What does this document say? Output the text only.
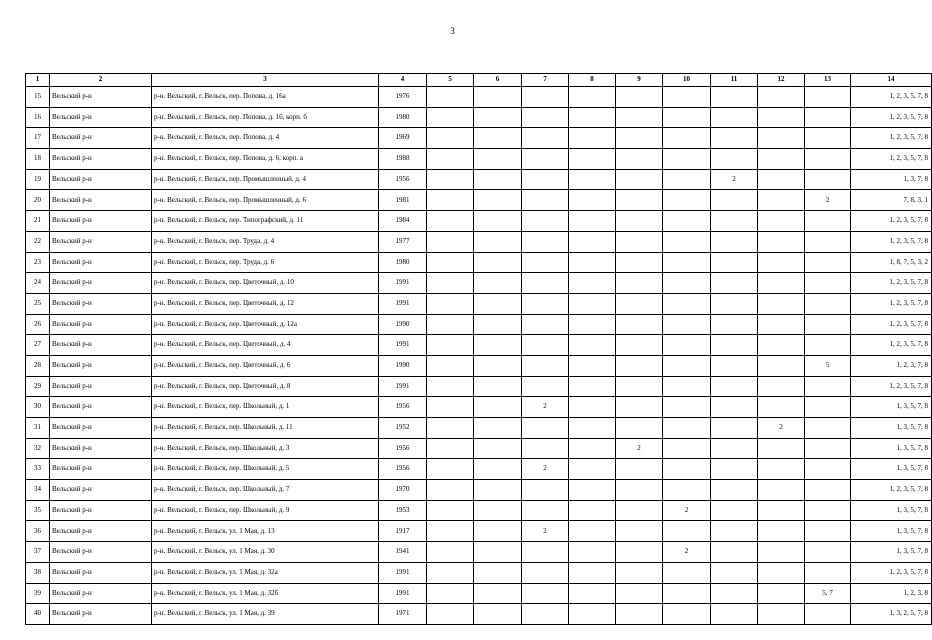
3
1	2	3	4	5	6	7	8	9	10	11	12	13	14
15	Вельский р-н	р-н. Вельский, г. Вельск, пер. Попова, д. 16а	1976										1, 2, 3, 5, 7, 8
16	Вельский р-н	р-н. Вельский, г. Вельск, пер. Попова, д. 16, корп. б	1980										1, 2, 3, 5, 7, 8
17	Вельский р-н	р-н. Вельский, г. Вельск, пер. Попова, д. 4	1969										1, 2, 3, 5, 7, 8
18	Вельский р-н	р-н. Вельский, г. Вельск, пер. Попова, д. 6, корп. а	1988										1, 2, 3, 5, 7, 8
19	Вельский р-н	р-н. Вельский, г. Вельск, пер. Промышленный, д. 4	1956							2			1, 3, 7, 8
20	Вельский р-н	р-н. Вельский, г. Вельск, пер. Промышленный, д. 6	1981									2	7, 8, 3, 1
21	Вельский р-н	р-н. Вельский, г. Вельск, пер. Типографский, д. 11	1984										1, 2, 3, 5, 7, 8
22	Вельский р-н	р-н. Вельский, г. Вельск, пер. Труда, д. 4	1977										1, 2, 3, 5, 7, 8
23	Вельский р-н	р-н. Вельский, г. Вельск, пер. Труда, д. 6	1980										1, 8, 7, 5, 3, 2
24	Вельский р-н	р-н. Вельский, г. Вельск, пер. Цветочный, д. 10	1991										1, 2, 3, 5, 7, 8
25	Вельский р-н	р-н. Вельский, г. Вельск, пер. Цветочный, д. 12	1991										1, 2, 3, 5, 7, 8
26	Вельский р-н	р-н. Вельский, г. Вельск, пер. Цветочный, д. 12а	1990										1, 2, 3, 5, 7, 8
27	Вельский р-н	р-н. Вельский, г. Вельск, пер. Цветочный, д. 4	1991										1, 2, 3, 5, 7, 8
28	Вельский р-н	р-н. Вельский, г. Вельск, пер. Цветочный, д. 6	1990									5	1, 2, 3, 7, 8
29	Вельский р-н	р-н. Вельский, г. Вельск, пер. Цветочный, д. 8	1991										1, 2, 3, 5, 7, 8
30	Вельский р-н	р-н. Вельский, г. Вельск, пер. Школьный, д. 1	1956			2							1, 3, 5, 7, 8
31	Вельский р-н	р-н. Вельский, г. Вельск, пер. Школьный, д. 11	1952								2		1, 3, 5, 7, 8
32	Вельский р-н	р-н. Вельский, г. Вельск, пер. Школьный, д. 3	1956					2					1, 3, 5, 7, 8
33	Вельский р-н	р-н. Вельский, г. Вельск, пер. Школьный, д. 5	1956			2							1, 3, 5, 7, 8
34	Вельский р-н	р-н. Вельский, г. Вельск, пер. Школьный, д. 7	1970										1, 2, 3, 5, 7, 8
35	Вельский р-н	р-н. Вельский, г. Вельск, пер. Школьный, д. 9	1953						2				1, 3, 5, 7, 8
36	Вельский р-н	р-н. Вельский, г. Вельск, ул. 1 Мая, д. 13	1917			2							1, 3, 5, 7, 8
37	Вельский р-н	р-н. Вельский, г. Вельск, ул. 1 Мая, д. 30	1941						2				1, 3, 5, 7, 8
38	Вельский р-н	р-н. Вельский, г. Вельск, ул. 1 Мая, д. 32а	1991										1, 2, 3, 5, 7, 8
39	Вельский р-н	р-н. Вельский, г. Вельск, ул. 1 Мая, д. 32б	1991									5, 7	1, 2, 3, 8
40	Вельский р-н	р-н. Вельский, г. Вельск, ул. 1 Мая, д. 39	1971										1, 3, 2, 5, 7, 8
